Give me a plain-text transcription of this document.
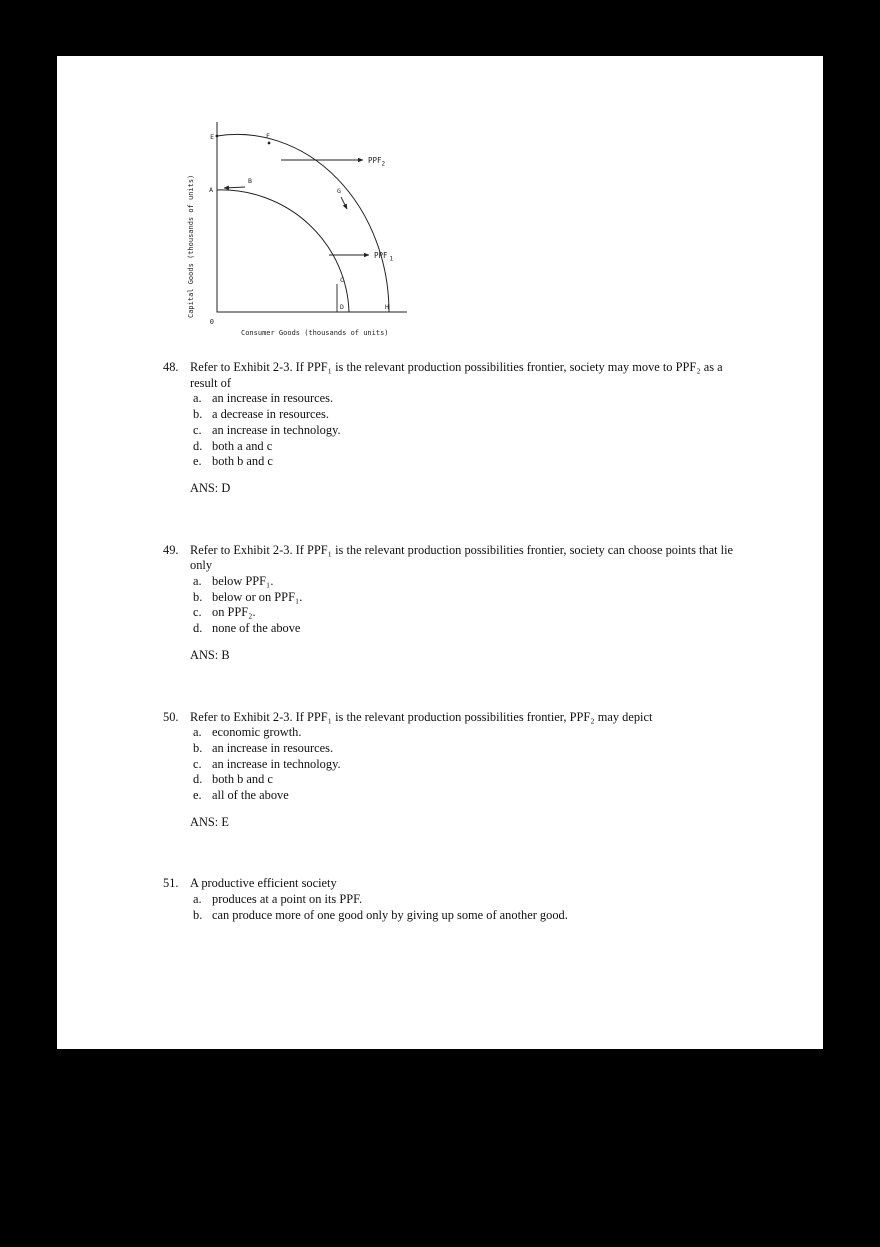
$PPF_2$
PPF $_1$
E	F
A
B
G
C
D	H
0
Consumer Goods (thousands of units)
Capital Goods (thousands of units)
48. Refer to Exhibit 2-3. If PPF₁ is the relevant production possibilities frontier, society may move to PPF₂ as a result of
a. an increase in resources.
b. a decrease in resources.
c. an increase in technology.
d. both a and c
e. both b and c
ANS: D
49. Refer to Exhibit 2-3. If PPF₁ is the relevant production possibilities frontier, society can choose points that lie only
a. below PPF₁.
b. below or on PPF₁.
c. on PPF₂.
d. none of the above
ANS: B
50. Refer to Exhibit 2-3. If PPF₁ is the relevant production possibilities frontier, PPF₂ may depict
a. economic growth.
b. an increase in resources.
c. an increase in technology.
d. both b and c
e. all of the above
ANS: E
51. A productive efficient society
a. produces at a point on its PPF.
b. can produce more of one good only by giving up some of another good.
